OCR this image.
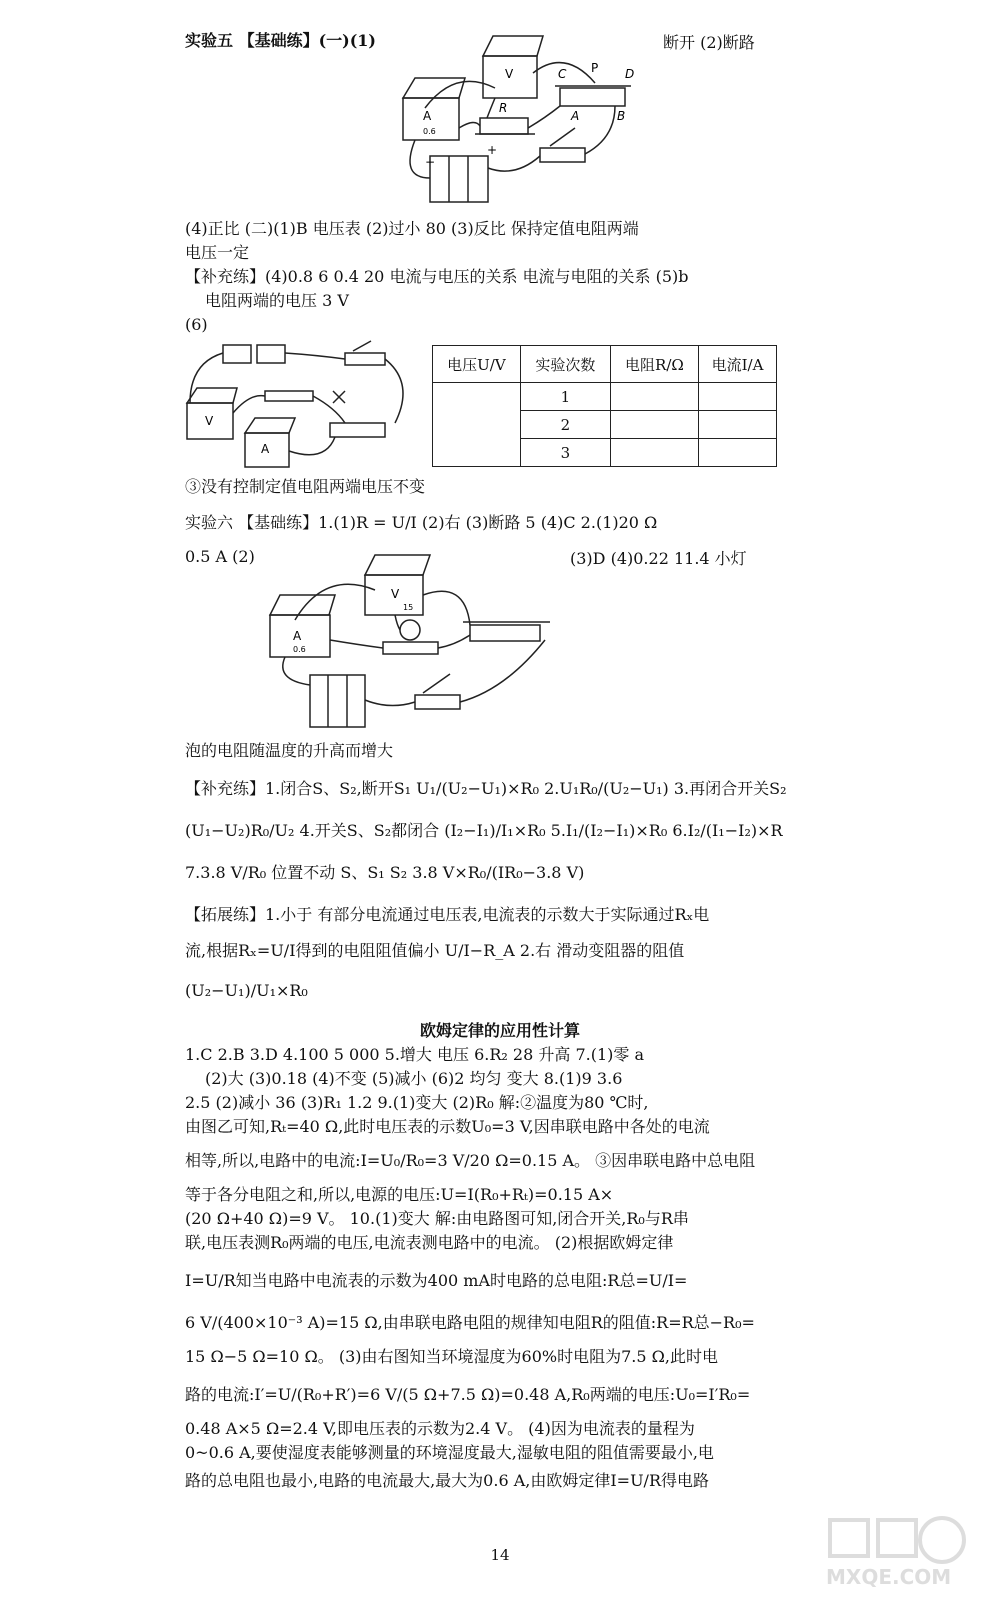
实验五 【基础练】(一)(1)	断开 (2)断路
A
0.6
V
R
C P D
A	B
−
+
(4)正比 (二)(1)B 电压表 (2)过小 80 (3)反比 保持定值电阻两端
电压一定
【补充练】(4)0.8 6 0.4 20 电流与电压的关系 电流与电阻的关系 (5)b
电阻两端的电压 3 V
(6)
V
A
电压U/V	实验次数	电阻R/Ω	电流I/A
	1		
	2		
	3		
③没有控制定值电阻两端电压不变
实验六 【基础练】1.(1)R = U/I (2)右 (3)断路 5 (4)C 2.(1)20 Ω
0.5 A (2)	(3)D (4)0.22 11.4 小灯
A
0.6
V
15
泡的电阻随温度的升高而增大
【补充练】1.闭合S、S₂,断开S₁ U₁/(U₂−U₁)×R₀ 2.U₁R₀/(U₂−U₁) 3.再闭合开关S₂
(U₁−U₂)R₀/U₂ 4.开关S、S₂都闭合 (I₂−I₁)/I₁×R₀ 5.I₁/(I₂−I₁)×R₀ 6.I₂/(I₁−I₂)×R
7.3.8 V/R₀ 位置不动 S、S₁ S₂ 3.8 V×R₀/(IR₀−3.8 V)
【拓展练】1.小于 有部分电流通过电压表,电流表的示数大于实际通过Rₓ电
流,根据Rₓ=U/I得到的电阻阻值偏小 U/I−R_A 2.右 滑动变阻器的阻值
(U₂−U₁)/U₁×R₀
欧姆定律的应用性计算
1.C 2.B 3.D 4.100 5 000 5.增大 电压 6.R₂ 28 升高 7.(1)零 a
(2)大 (3)0.18 (4)不变 (5)减小 (6)2 均匀 变大 8.(1)9 3.6
2.5 (2)减小 36 (3)R₁ 1.2 9.(1)变大 (2)R₀ 解:②温度为80 ℃时,
由图乙可知,Rₜ=40 Ω,此时电压表的示数U₀=3 V,因串联电路中各处的电流
相等,所以,电路中的电流:I=U₀/R₀=3 V/20 Ω=0.15 A。 ③因串联电路中总电阻
等于各分电阻之和,所以,电源的电压:U=I(R₀+Rₜ)=0.15 A×
(20 Ω+40 Ω)=9 V。 10.(1)变大 解:由电路图可知,闭合开关,R₀与R串
联,电压表测R₀两端的电压,电流表测电路中的电流。 (2)根据欧姆定律
I=U/R知当电路中电流表的示数为400 mA时电路的总电阻:R总=U/I=
6 V/(400×10⁻³ A)=15 Ω,由串联电路电阻的规律知电阻R的阻值:R=R总−R₀=
15 Ω−5 Ω=10 Ω。 (3)由右图知当环境湿度为60%时电阻为7.5 Ω,此时电
路的电流:I′=U/(R₀+R′)=6 V/(5 Ω+7.5 Ω)=0.48 A,R₀两端的电压:U₀=I′R₀=
0.48 A×5 Ω=2.4 V,即电压表的示数为2.4 V。 (4)因为电流表的量程为
0~0.6 A,要使湿度表能够测量的环境湿度最大,湿敏电阻的阻值需要最小,电
路的总电阻也最小,电路的电流最大,最大为0.6 A,由欧姆定律I=U/R得电路
14
MXQE.COM
